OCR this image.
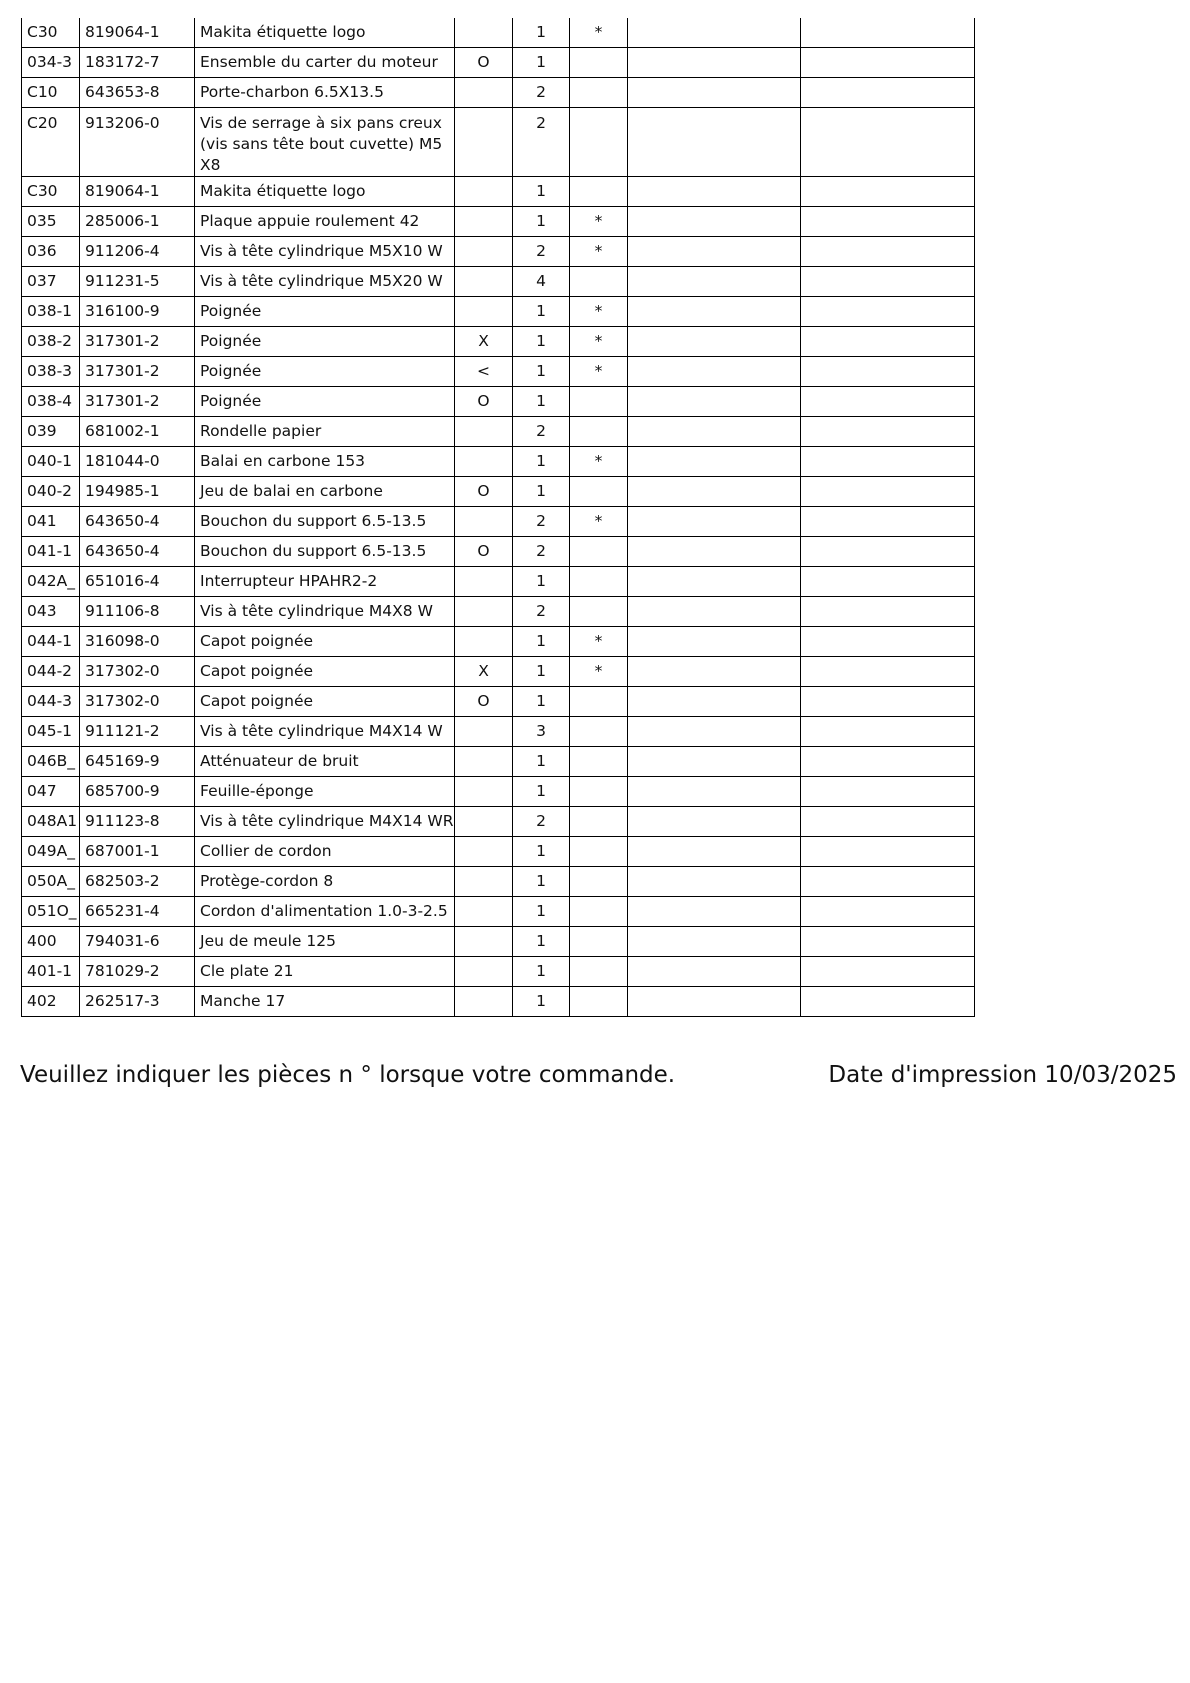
C30	819064-1	Makita étiquette logo		1	*		
034-3	183172-7	Ensemble du carter du moteur	O	1			
C10	643653-8	Porte-charbon 6.5X13.5		2			
C20	913206-0	Vis de serrage à six pans creux (vis sans tête bout cuvette) M5X8		2			
C30	819064-1	Makita étiquette logo		1			
035	285006-1	Plaque appuie roulement 42		1	*		
036	911206-4	Vis à tête cylindrique M5X10 W		2	*		
037	911231-5	Vis à tête cylindrique M5X20 W		4			
038-1	316100-9	Poignée		1	*		
038-2	317301-2	Poignée	X	1	*		
038-3	317301-2	Poignée	<	1	*		
038-4	317301-2	Poignée	O	1			
039	681002-1	Rondelle papier		2			
040-1	181044-0	Balai en carbone 153		1	*		
040-2	194985-1	Jeu de balai en carbone	O	1			
041	643650-4	Bouchon du support 6.5-13.5		2	*		
041-1	643650-4	Bouchon du support 6.5-13.5	O	2			
042A_	651016-4	Interrupteur HPAHR2-2		1			
043	911106-8	Vis à tête cylindrique M4X8 W		2			
044-1	316098-0	Capot poignée		1	*		
044-2	317302-0	Capot poignée	X	1	*		
044-3	317302-0	Capot poignée	O	1			
045-1	911121-2	Vis à tête cylindrique M4X14 W		3			
046B_	645169-9	Atténuateur de bruit		1			
047	685700-9	Feuille-éponge		1			
048A1	911123-8	Vis à tête cylindrique M4X14 WR		2			
049A_	687001-1	Collier de cordon		1			
050A_	682503-2	Protège-cordon 8		1			
051O_	665231-4	Cordon d'alimentation 1.0-3-2.5		1			
400	794031-6	Jeu de meule 125		1			
401-1	781029-2	Cle plate 21		1			
402	262517-3	Manche 17		1			
Veuillez indiquer les pièces n ° lorsque votre commande.	Date d'impression 10/03/2025
